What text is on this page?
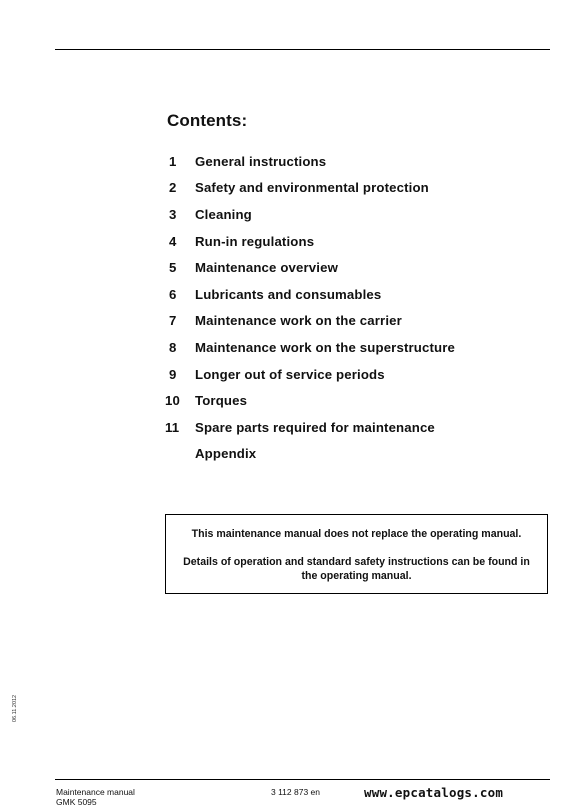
Contents:
1	General instructions
2	Safety and environmental protection
3	Cleaning
4	Run-in regulations
5	Maintenance overview
6	Lubricants and consumables
7	Maintenance work on the carrier
8	Maintenance work on the superstructure
9	Longer out of service periods
10	Torques
11	Spare parts required for maintenance
Appendix
This maintenance manual does not replace the operating manual.
Details of operation and standard safety instructions can be found in the operating manual.
06.11.2012
Maintenance manual
GMK 5095
3 112 873 en	www.epcatalogs.com
